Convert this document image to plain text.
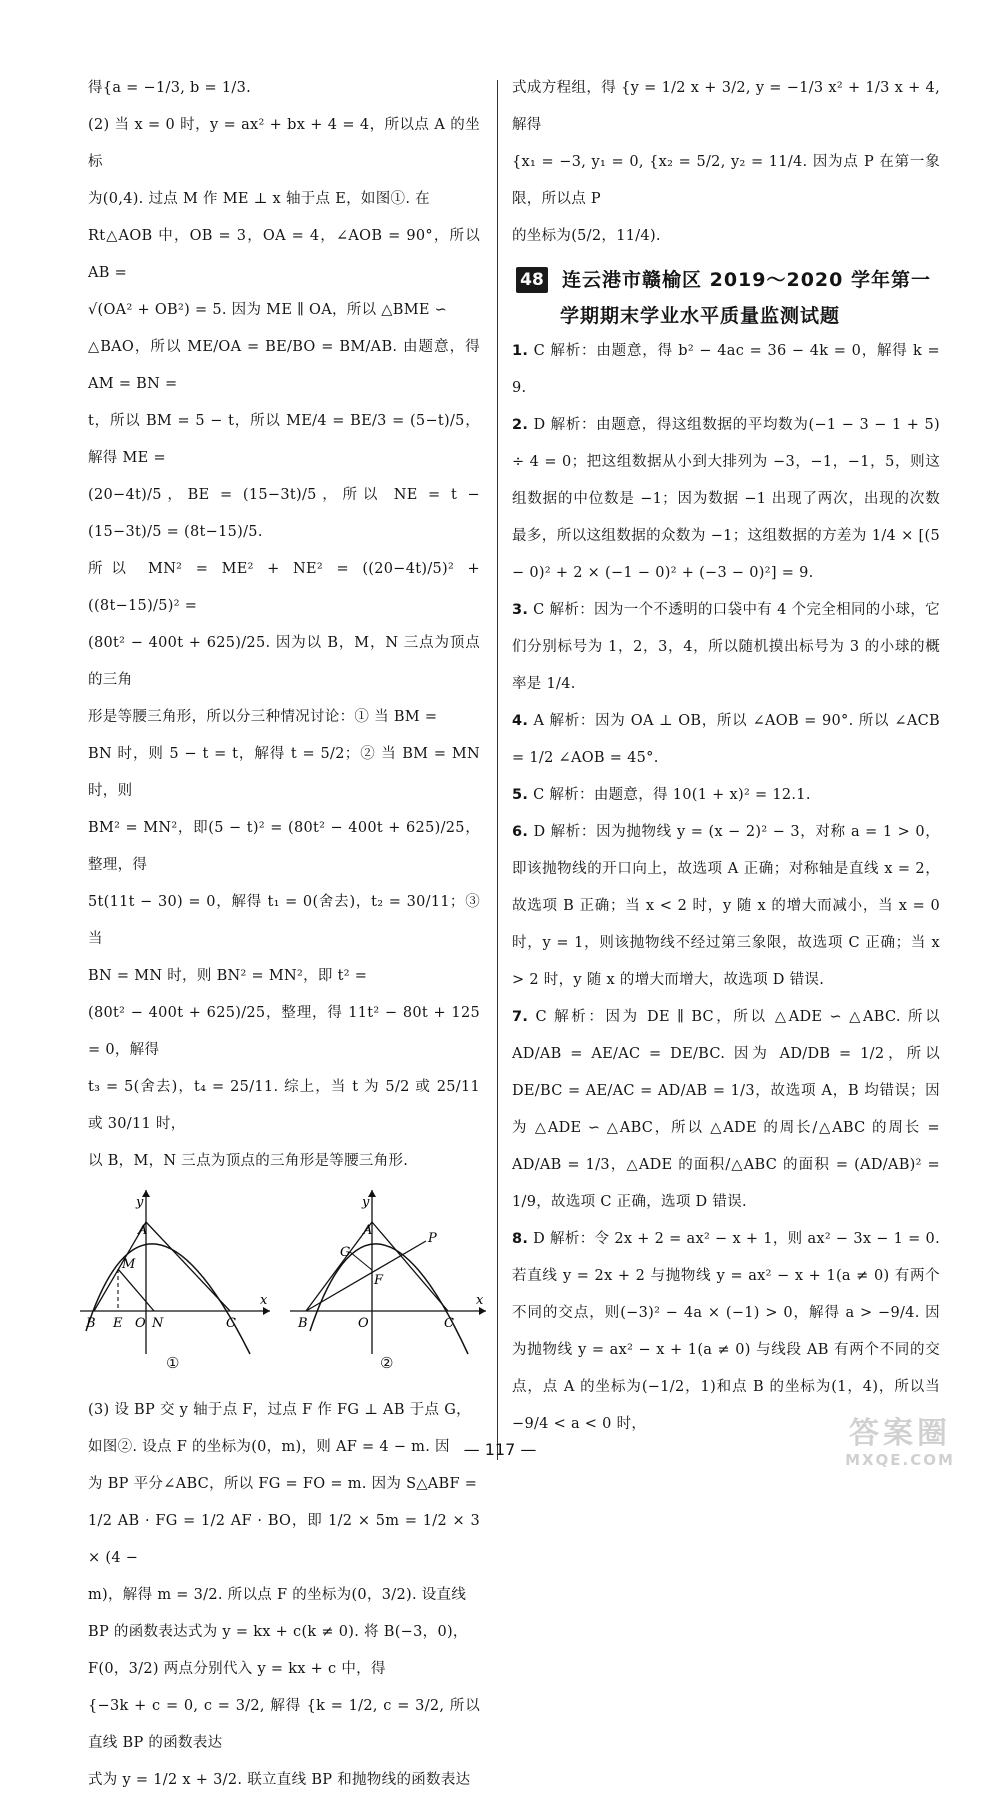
得{a = −1/3, b = 1/3.

(2) 当 x = 0 时，y = ax² + bx + 4 = 4，所以点 A 的坐标

为(0,4). 过点 M 作 ME ⊥ x 轴于点 E，如图①. 在

Rt△AOB 中，OB = 3，OA = 4，∠AOB = 90°，所以 AB =

√(OA² + OB²) = 5. 因为 ME ∥ OA，所以 △BME ∽

△BAO，所以 ME/OA = BE/BO = BM/AB. 由题意，得 AM = BN =

t，所以 BM = 5 − t，所以 ME/4 = BE/3 = (5−t)/5，解得 ME =

(20−4t)/5，BE = (15−3t)/5，所以 NE = t − (15−3t)/5 = (8t−15)/5.

所以 MN² = ME² + NE² = ((20−4t)/5)² + ((8t−15)/5)² =

(80t² − 400t + 625)/25. 因为以 B，M，N 三点为顶点的三角

形是等腰三角形，所以分三种情况讨论：① 当 BM =

BN 时，则 5 − t = t，解得 t = 5/2；② 当 BM = MN 时，则

BM² = MN²，即(5 − t)² = (80t² − 400t + 625)/25，整理，得

5t(11t − 30) = 0，解得 t₁ = 0(舍去)，t₂ = 30/11；③ 当

BN = MN 时，则 BN² = MN²，即 t² =

(80t² − 400t + 625)/25，整理，得 11t² − 80t + 125 = 0，解得

t₃ = 5(舍去)，t₄ = 25/11. 综上，当 t 为 5/2 或 25/11 或 30/11 时，

以 B，M，N 三点为顶点的三角形是等腰三角形.

y
x
A
M
B E O N	C
①
y
x
A
P
G
F
B	O	C
②

(3) 设 BP 交 y 轴于点 F，过点 F 作 FG ⊥ AB 于点 G，

如图②. 设点 F 的坐标为(0，m)，则 AF = 4 − m. 因

为 BP 平分∠ABC，所以 FG = FO = m. 因为 S△ABF =

1/2 AB · FG = 1/2 AF · BO，即 1/2 × 5m = 1/2 × 3 × (4 −

m)，解得 m = 3/2. 所以点 F 的坐标为(0，3/2). 设直线

BP 的函数表达式为 y = kx + c(k ≠ 0). 将 B(−3，0)，

F(0，3/2) 两点分别代入 y = kx + c 中，得

{−3k + c = 0, c = 3/2, 解得 {k = 1/2, c = 3/2, 所以直线 BP 的函数表达

式为 y = 1/2 x + 3/2. 联立直线 BP 和抛物线的函数表达

式成方程组，得 {y = 1/2 x + 3/2, y = −1/3 x² + 1/3 x + 4, 解得

{x₁ = −3, y₁ = 0, {x₂ = 5/2, y₂ = 11/4. 因为点 P 在第一象限，所以点 P

的坐标为(5/2，11/4).

48 连云港市赣榆区 2019～2020 学年第一
学期期末学业水平质量监测试题

1. C 解析：由题意，得 b² − 4ac = 36 − 4k = 0，解得 k = 9.

2. D 解析：由题意，得这组数据的平均数为(−1 − 3 − 1 + 5) ÷ 4 = 0；把这组数据从小到大排列为 −3，−1，−1，5，则这组数据的中位数是 −1；因为数据 −1 出现了两次，出现的次数最多，所以这组数据的众数为 −1；这组数据的方差为 1/4 × [(5 − 0)² + 2 × (−1 − 0)² + (−3 − 0)²] = 9.

3. C 解析：因为一个不透明的口袋中有 4 个完全相同的小球，它们分别标号为 1，2，3，4，所以随机摸出标号为 3 的小球的概率是 1/4.

4. A 解析：因为 OA ⊥ OB，所以 ∠AOB = 90°. 所以 ∠ACB = 1/2 ∠AOB = 45°.

5. C 解析：由题意，得 10(1 + x)² = 12.1.

6. D 解析：因为抛物线 y = (x − 2)² − 3，对称 a = 1 > 0，即该抛物线的开口向上，故选项 A 正确；对称轴是直线 x = 2，故选项 B 正确；当 x < 2 时，y 随 x 的增大而减小，当 x = 0 时，y = 1，则该抛物线不经过第三象限，故选项 C 正确；当 x > 2 时，y 随 x 的增大而增大，故选项 D 错误.

7. C 解析：因为 DE ∥ BC，所以 △ADE ∽ △ABC. 所以 AD/AB = AE/AC = DE/BC. 因为 AD/DB = 1/2，所以 DE/BC = AE/AC = AD/AB = 1/3，故选项 A，B 均错误；因为 △ADE ∽ △ABC，所以 △ADE 的周长/△ABC 的周长 = AD/AB = 1/3，△ADE 的面积/△ABC 的面积 = (AD/AB)² = 1/9，故选项 C 正确，选项 D 错误.

8. D 解析：令 2x + 2 = ax² − x + 1，则 ax² − 3x − 1 = 0. 若直线 y = 2x + 2 与抛物线 y = ax² − x + 1(a ≠ 0) 有两个不同的交点，则(−3)² − 4a × (−1) > 0，解得 a > −9/4. 因为抛物线 y = ax² − x + 1(a ≠ 0) 与线段 AB 有两个不同的交点，点 A 的坐标为(−1/2，1)和点 B 的坐标为(1，4)，所以当 −9/4 < a < 0 时，

— 117 —	答案圈
MXQE.COM
